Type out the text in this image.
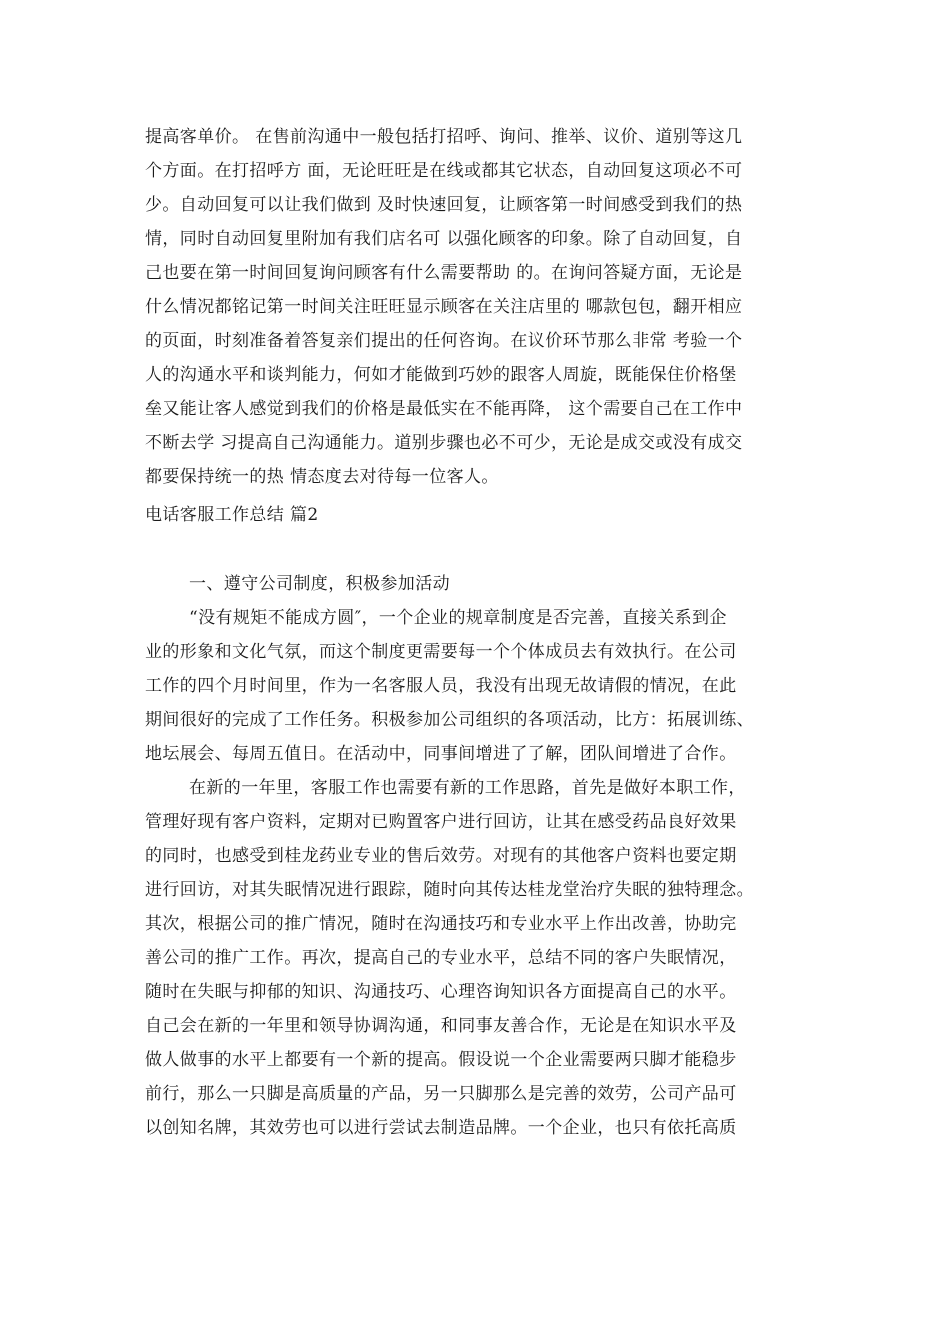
提高客单价。 在售前沟通中一般包括打招呼、询问、推举、议价、道别等这几
个方面。在打招呼方 面，无论旺旺是在线或都其它状态，自动回复这项必不可
少。自动回复可以让我们做到 及时快速回复，让顾客第一时间感受到我们的热
情，同时自动回复里附加有我们店名可 以强化顾客的印象。除了自动回复，自
己也要在第一时间回复询问顾客有什么需要帮助 的。在询问答疑方面，无论是
什么情况都铭记第一时间关注旺旺显示顾客在关注店里的 哪款包包，翻开相应
的页面，时刻准备着答复亲们提出的任何咨询。在议价环节那么非常 考验一个
人的沟通水平和谈判能力，何如才能做到巧妙的跟客人周旋，既能保住价格堡
垒又能让客人感觉到我们的价格是最低实在不能再降， 这个需要自己在工作中
不断去学 习提高自己沟通能力。道别步骤也必不可少，无论是成交或没有成交
都要保持统一的热 情态度去对待每一位客人。
电话客服工作总结 篇2
一、遵守公司制度，积极参加活动
“没有规矩不能成方圆″，一个企业的规章制度是否完善，直接关系到企
业的形象和文化气氛，而这个制度更需要每一个个体成员去有效执行。在公司
工作的四个月时间里，作为一名客服人员，我没有出现无故请假的情况，在此
期间很好的完成了工作任务。积极参加公司组织的各项活动，比方：拓展训练、
地坛展会、每周五值日。在活动中，同事间增进了了解，团队间增进了合作。
在新的一年里，客服工作也需要有新的工作思路，首先是做好本职工作，
管理好现有客户资料，定期对已购置客户进行回访，让其在感受药品良好效果
的同时，也感受到桂龙药业专业的售后效劳。对现有的其他客户资料也要定期
进行回访，对其失眠情况进行跟踪，随时向其传达桂龙堂治疗失眠的独特理念。
其次，根据公司的推广情况，随时在沟通技巧和专业水平上作出改善，协助完
善公司的推广工作。再次，提高自己的专业水平，总结不同的客户失眠情况，
随时在失眠与抑郁的知识、沟通技巧、心理咨询知识各方面提高自己的水平。
自己会在新的一年里和领导协调沟通，和同事友善合作，无论是在知识水平及
做人做事的水平上都要有一个新的提高。假设说一个企业需要两只脚才能稳步
前行，那么一只脚是高质量的产品，另一只脚那么是完善的效劳，公司产品可
以创知名牌，其效劳也可以进行尝试去制造品牌。一个企业，也只有依托高质
